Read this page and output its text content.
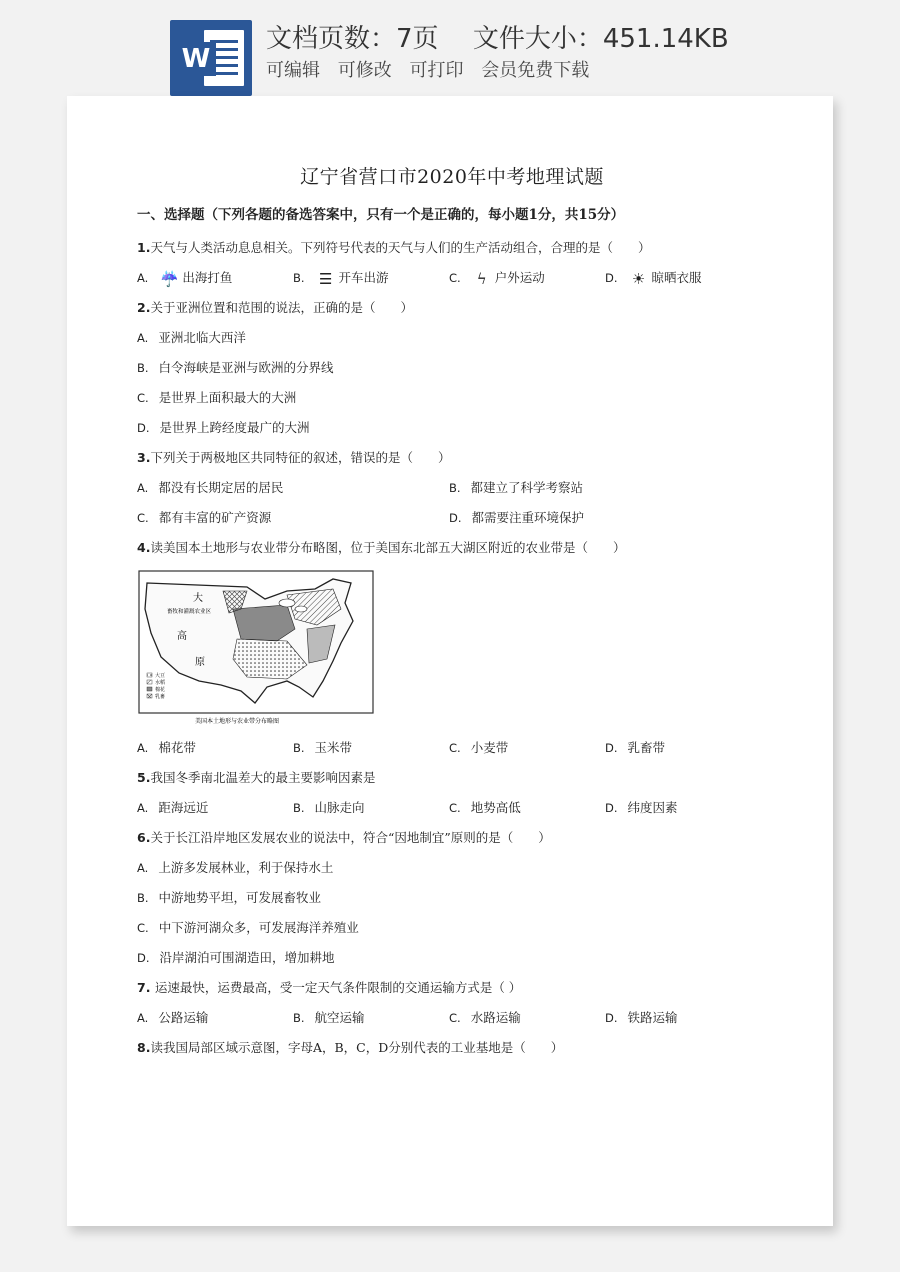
W
文档页数：7页 文件大小：451.14KB
可编辑 可修改 可打印 会员免费下载
辽宁省营口市2020年中考地理试题
一、选择题（下列各题的备选答案中，只有一个是正确的，每小题1分，共15分）
1.天气与人类活动息息相关。下列符号代表的天气与人们的生产活动组合，合理的是（　　）
A. ☔ 出海打鱼	B. ☰ 开车出游	C. ϟ 户外运动	D. ☀ 晾晒衣服
2.关于亚洲位置和范围的说法，正确的是（　　）
A. 亚洲北临大西洋
B. 白令海峡是亚洲与欧洲的分界线
C. 是世界上面积最大的大洲
D. 是世界上跨经度最广的大洲
3.下列关于两极地区共同特征的叙述，错误的是（　　）
A. 都没有长期定居的居民	B. 都建立了科学考察站
C. 都有丰富的矿产资源	D. 都需要注重环境保护
4.读美国本土地形与农业带分布略图，位于美国东北部五大湖区附近的农业带是（　　）
大
畜牧和灌溉农业区
高
原
大豆
水稻
棉花
乳畜
美国本土地形与农业带分布略图
A. 棉花带	B. 玉米带	C. 小麦带	D. 乳畜带
5.我国冬季南北温差大的最主要影响因素是
A. 距海远近	B. 山脉走向	C. 地势高低	D. 纬度因素
6.关于长江沿岸地区发展农业的说法中，符合“因地制宜”原则的是（　　）
A. 上游多发展林业，利于保持水土
B. 中游地势平坦，可发展畜牧业
C. 中下游河湖众多，可发展海洋养殖业
D. 沿岸湖泊可围湖造田，增加耕地
7. 运速最快，运费最高，受一定天气条件限制的交通运输方式是（ ）
A. 公路运输	B. 航空运输	C. 水路运输	D. 铁路运输
8.读我国局部区域示意图，字母A，B，C，D分别代表的工业基地是（　　）
